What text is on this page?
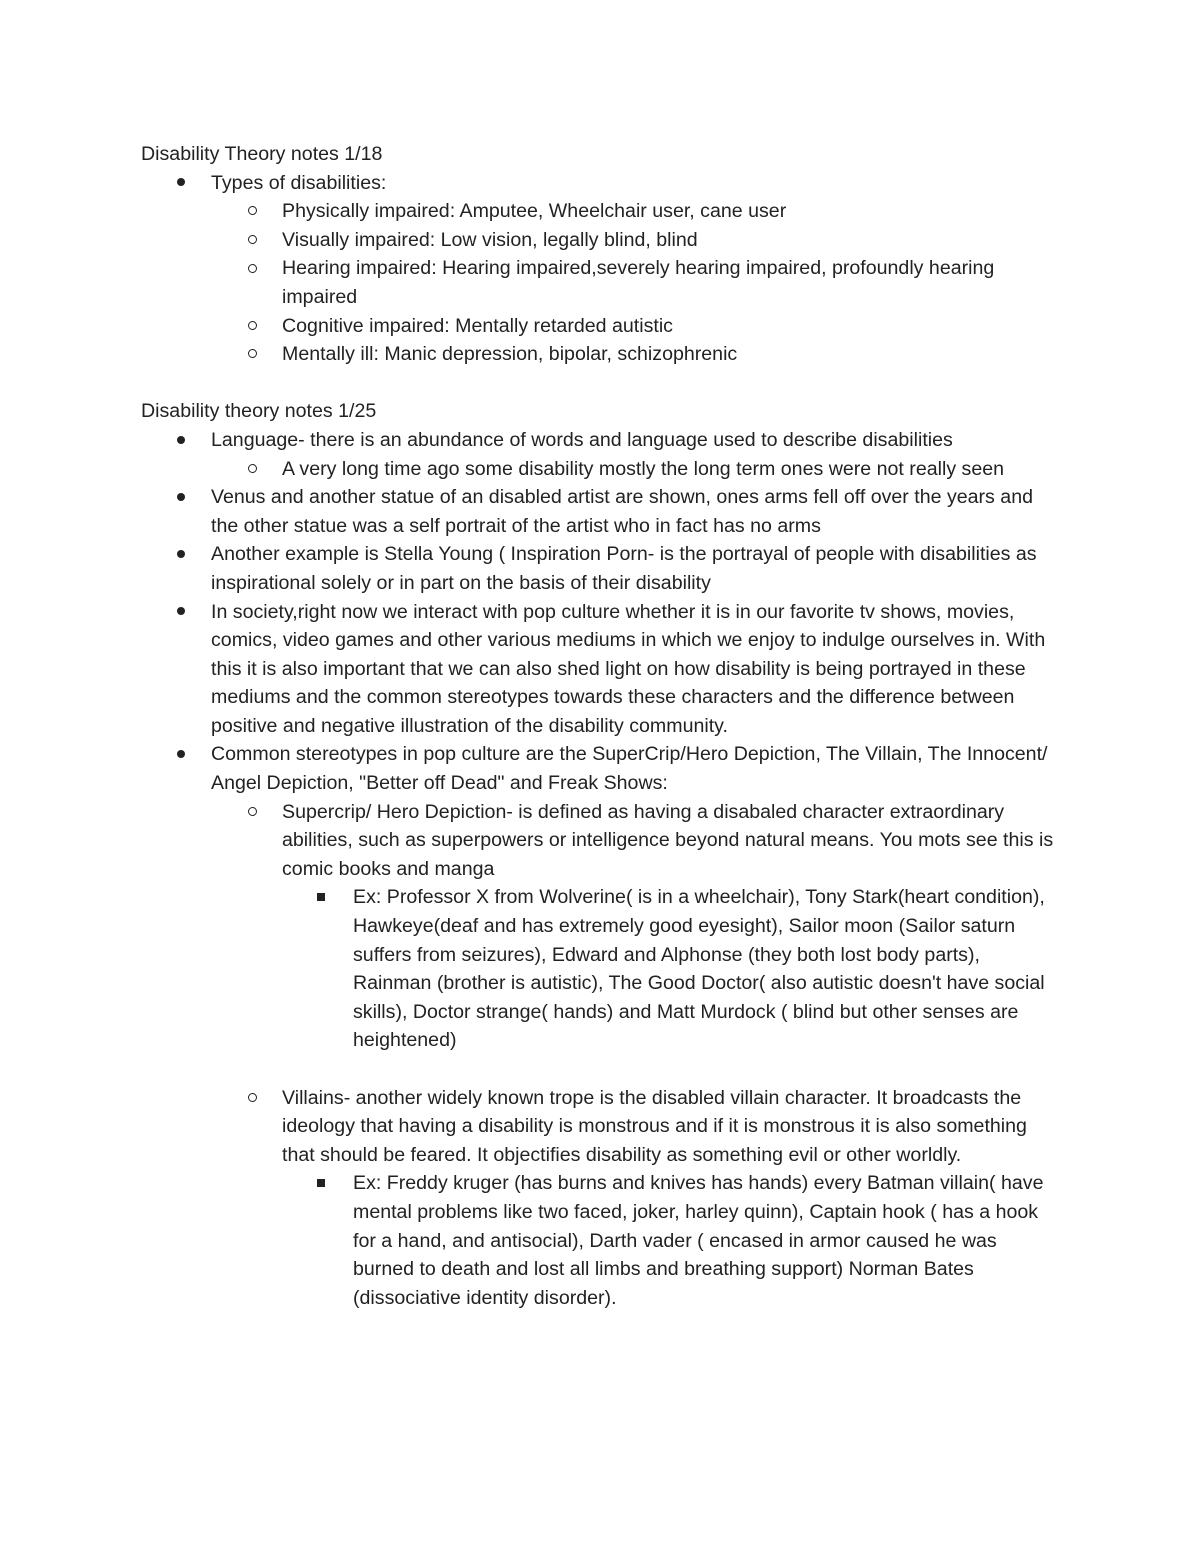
Disability Theory notes 1/18

Types of disabilities:
Physically impaired: Amputee, Wheelchair user, cane user
Visually impaired: Low vision, legally blind, blind
Hearing impaired: Hearing impaired,severely hearing impaired, profoundly hearing impaired
Cognitive impaired: Mentally retarded autistic
Mentally ill: Manic depression, bipolar, schizophrenic

Disability theory notes 1/25

Language- there is an abundance of words and language used to describe disabilities
A very long time ago some disability mostly the long term ones were not really seen
Venus and another statue of an disabled artist are shown, ones arms fell off over the years and the other statue was a self portrait of the artist who in fact has no arms
Another example is Stella Young ( Inspiration Porn- is the portrayal of people with disabilities as inspirational solely or in part on the basis of their disability
In society,right now we interact with pop culture whether it is in our favorite tv shows, movies, comics, video games and other various mediums in which we enjoy to indulge ourselves in. With this it is also important that we can also shed light on how disability is being portrayed in these mediums and the common stereotypes towards these characters and the difference between positive and negative illustration of the disability community.
Common stereotypes in pop culture are the SuperCrip/Hero Depiction, The Villain, The Innocent/ Angel Depiction, "Better off Dead" and Freak Shows:
Supercrip/ Hero Depiction- is defined as having a disabaled character extraordinary abilities, such as superpowers or intelligence beyond natural means. You mots see this is comic books and manga
Ex: Professor X from Wolverine( is in a wheelchair), Tony Stark(heart condition), Hawkeye(deaf and has extremely good eyesight), Sailor moon (Sailor saturn suffers from seizures), Edward and Alphonse (they both lost body parts), Rainman (brother is autistic), The Good Doctor( also autistic doesn't have social skills), Doctor strange( hands) and Matt Murdock ( blind but other senses are heightened)
Villains- another widely known trope is the disabled villain character. It broadcasts the ideology that having a disability is monstrous and if it is monstrous it is also something that should be feared. It objectifies disability as something evil or other worldly.
Ex: Freddy kruger (has burns and knives has hands) every Batman villain( have mental problems like two faced, joker, harley quinn), Captain hook ( has a hook for a hand, and antisocial), Darth vader ( encased in armor caused he was burned to death and lost all limbs and breathing support) Norman Bates (dissociative identity disorder).
